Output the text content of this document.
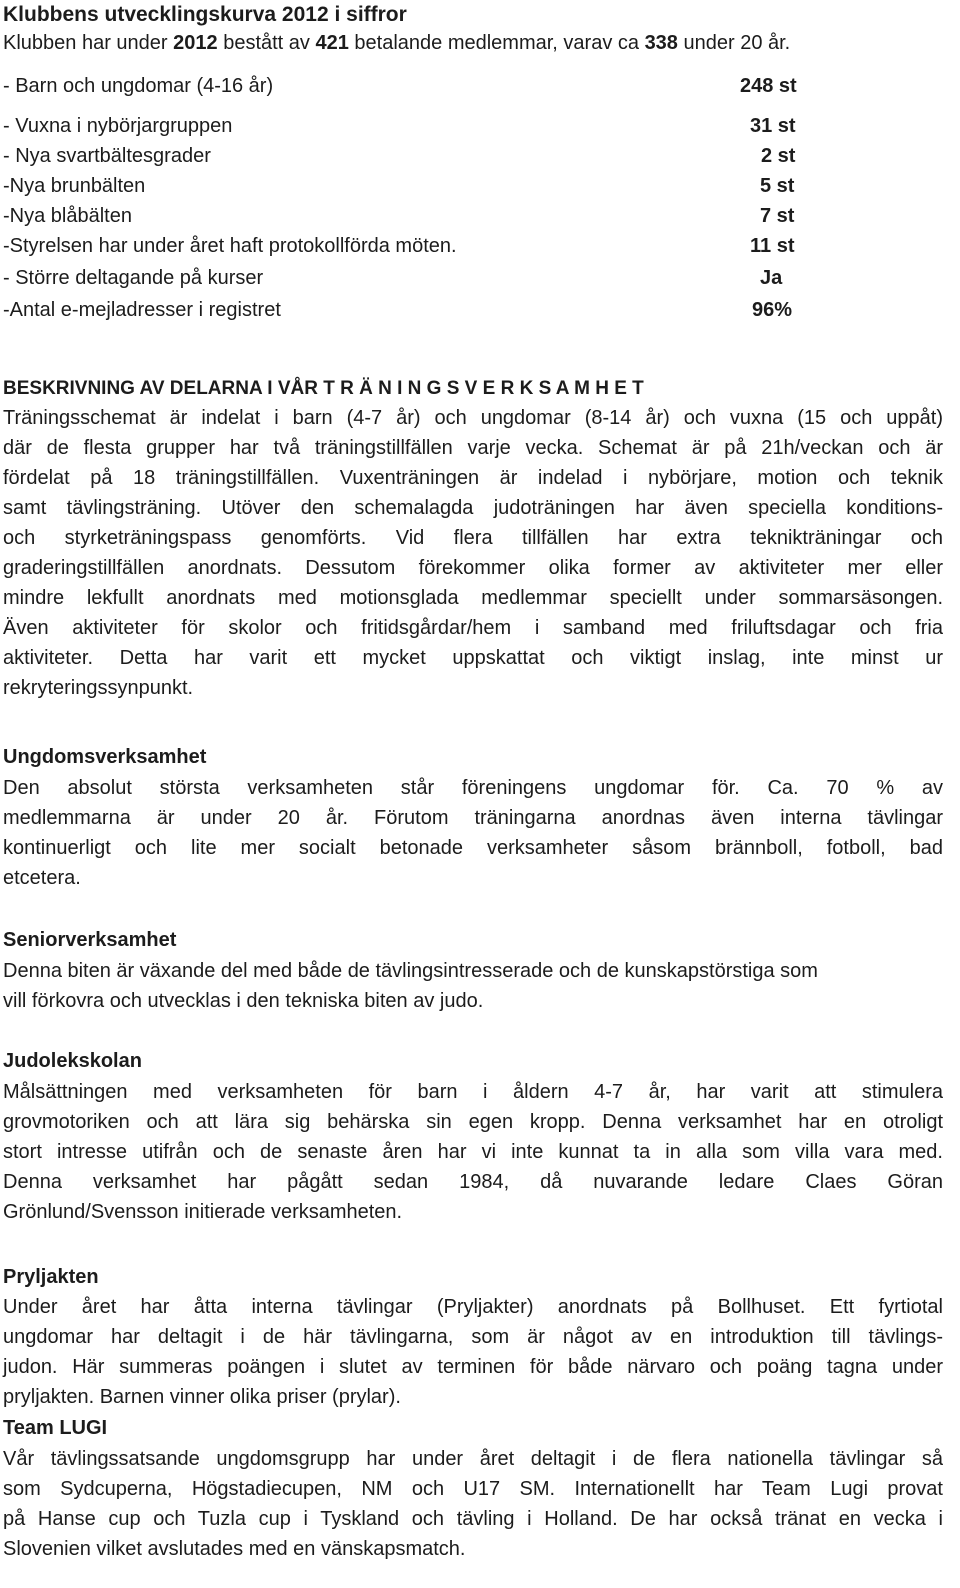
Klubbens utvecklingskurva 2012 i siffror
Klubben har under 2012 bestått av 421 betalande medlemmar, varav ca 338 under 20 år.
- Barn och ungdomar (4-16 år)	248 st
- Vuxna i nybörjargruppen	31 st
- Nya svartbältesgrader	2 st
-Nya brunbälten	5 st
-Nya blåbälten	7 st
-Styrelsen har under året haft protokollförda möten.	11 st
- Större deltagande på kurser	Ja
-Antal e-mejladresser i registret	96%
BESKRIVNING AV DELARNA I VÅR T R Ä N I N G S V E R K S A M H E T
Träningsschemat är indelat i barn (4-7 år) och ungdomar (8-14 år) och vuxna (15 och uppåt)
där de flesta grupper har två träningstillfällen varje vecka. Schemat är på 21h/veckan och är
fördelat på 18 träningstillfällen. Vuxenträningen är indelad i nybörjare, motion och teknik
samt tävlingsträning. Utöver den schemalagda judoträningen har även speciella konditions-
och styrketräningspass genomförts. Vid flera tillfällen har extra teknikträningar och
graderingstillfällen anordnats. Dessutom förekommer olika former av aktiviteter mer eller
mindre lekfullt anordnats med motionsglada medlemmar speciellt under sommarsäsongen.
Även aktiviteter för skolor och fritidsgårdar/hem i samband med friluftsdagar och fria
aktiviteter. Detta har varit ett mycket uppskattat och viktigt inslag, inte minst ur
rekryteringssynpunkt.
Ungdomsverksamhet
Den absolut största verksamheten står föreningens ungdomar för. Ca. 70 % av
medlemmarna är under 20 år. Förutom träningarna anordnas även interna tävlingar
kontinuerligt och lite mer socialt betonade verksamheter såsom brännboll, fotboll, bad
etcetera.
Seniorverksamhet
Denna biten är växande del med både de tävlingsintresserade och de kunskapstörstiga som
vill förkovra och utvecklas i den tekniska biten av judo.
Judolekskolan
Målsättningen med verksamheten för barn i åldern 4-7 år, har varit att stimulera
grovmotoriken och att lära sig behärska sin egen kropp. Denna verksamhet har en otroligt
stort intresse utifrån och de senaste åren har vi inte kunnat ta in alla som villa vara med.
Denna verksamhet har pågått sedan 1984, då nuvarande ledare Claes Göran
Grönlund/Svensson initierade verksamheten.
Pryljakten
Under året har åtta interna tävlingar (Pryljakter) anordnats på Bollhuset. Ett fyrtiotal
ungdomar har deltagit i de här tävlingarna, som är något av en introduktion till tävlings-
judon. Här summeras poängen i slutet av terminen för både närvaro och poäng tagna under
pryljakten. Barnen vinner olika priser (prylar).
Team LUGI
Vår tävlingssatsande ungdomsgrupp har under året deltagit i de flera nationella tävlingar så
som Sydcuperna, Högstadiecupen, NM och U17 SM. Internationellt har Team Lugi provat
på Hanse cup och Tuzla cup i Tyskland och tävling i Holland. De har också tränat en vecka i
Slovenien vilket avslutades med en vänskapsmatch.
